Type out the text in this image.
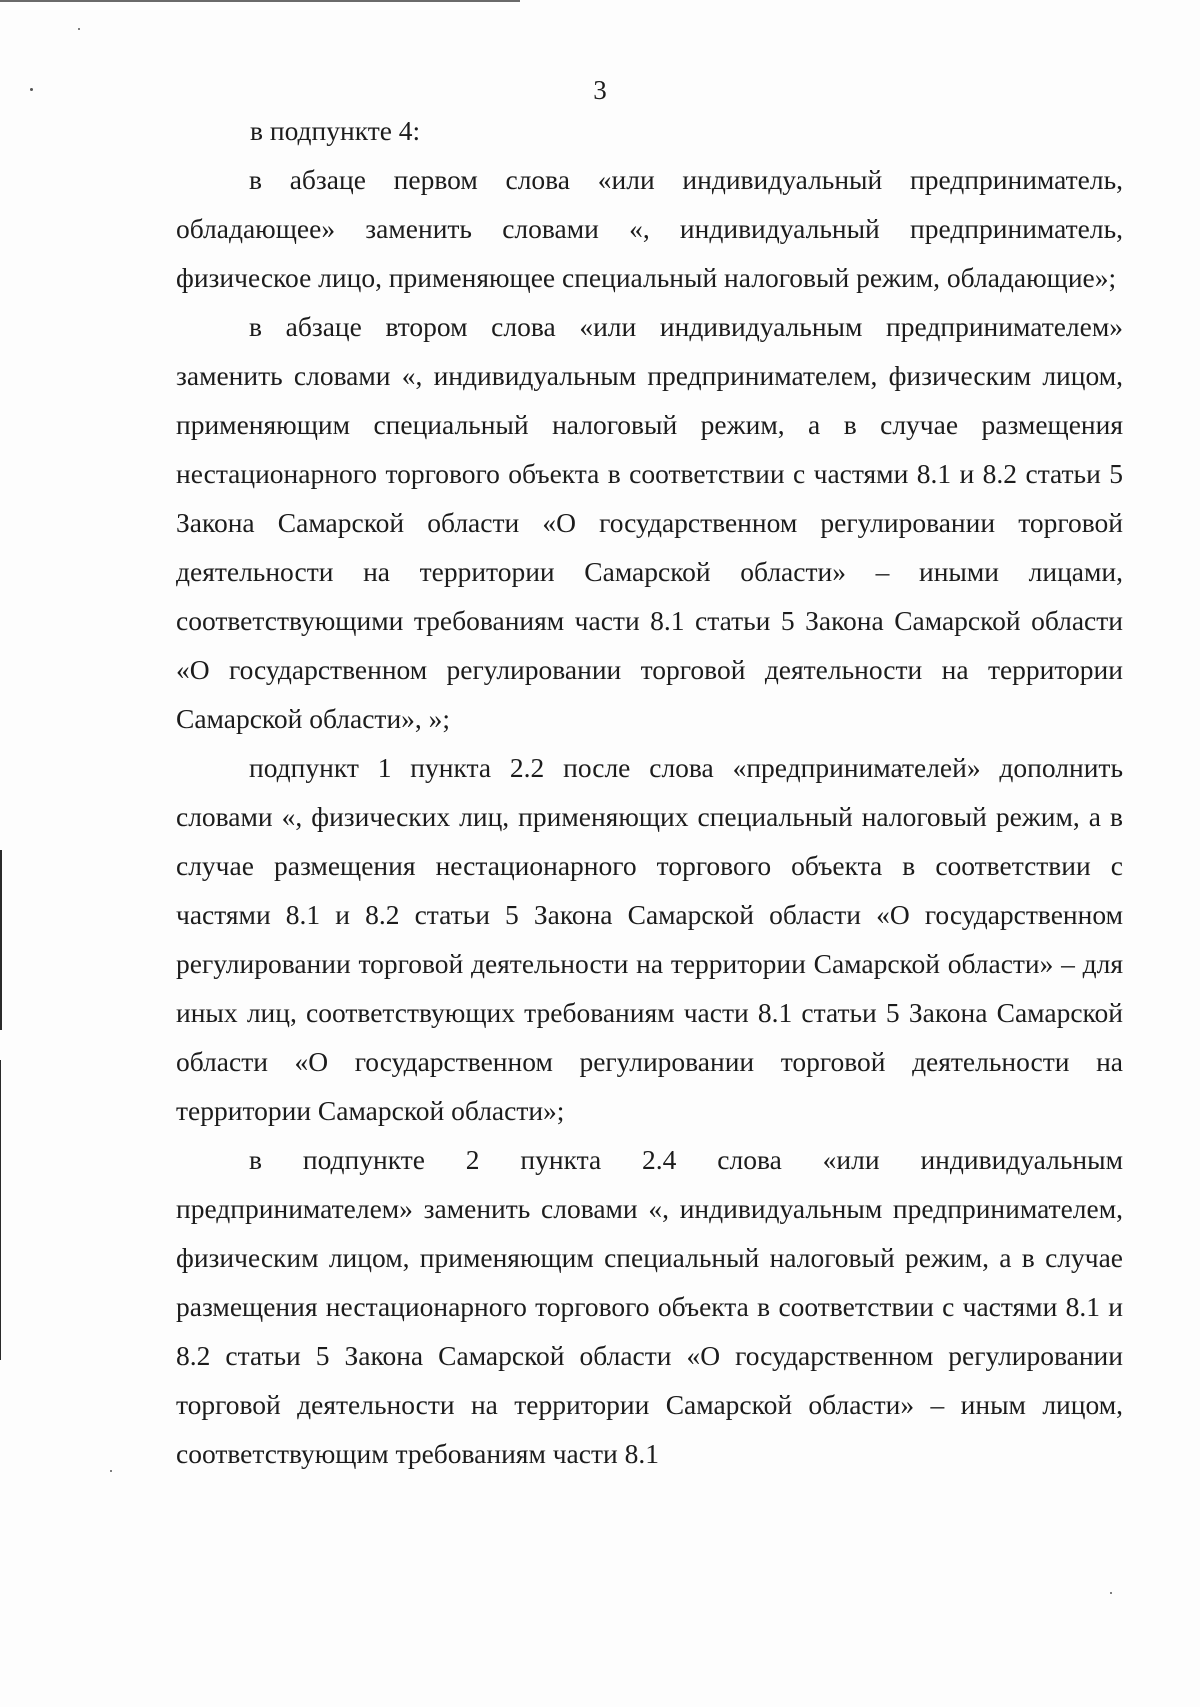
3

в подпункте 4:

в абзаце первом слова «или индивидуальный предприниматель, обладающее» заменить словами «, индивидуальный предприниматель, физическое лицо, применяющее специальный налоговый режим, обладающие»;

в абзаце втором слова «или индивидуальным предпринимателем» заменить словами «, индивидуальным предпринимателем, физическим лицом, применяющим специальный налоговый режим, а в случае размещения нестационарного торгового объекта в соответствии с частями 8.1 и 8.2 статьи 5 Закона Самарской области «О государственном регулировании торговой деятельности на территории Самарской области» – иными лицами, соответствующими требованиям части 8.1 статьи 5 Закона Самарской области «О государственном регулировании торговой деятельности на территории Самарской области», »;

подпункт 1 пункта 2.2 после слова «предпринимателей» дополнить словами «, физических лиц, применяющих специальный налоговый режим, а в случае размещения нестационарного торгового объекта в соответствии с частями 8.1 и 8.2 статьи 5 Закона Самарской области «О государственном регулировании торговой деятельности на территории Самарской области» – для иных лиц, соответствующих требованиям части 8.1 статьи 5 Закона Самарской области «О государственном регулировании торговой деятельности на территории Самарской области»;

в подпункте 2 пункта 2.4 слова «или индивидуальным предпринимателем» заменить словами «, индивидуальным предпринимателем, физическим лицом, применяющим специальный налоговый режим, а в случае размещения нестационарного торгового объекта в соответствии с частями 8.1 и 8.2 статьи 5 Закона Самарской области «О государственном регулировании торговой деятельности на территории Самарской области» – иным лицом, соответствующим требованиям части 8.1
